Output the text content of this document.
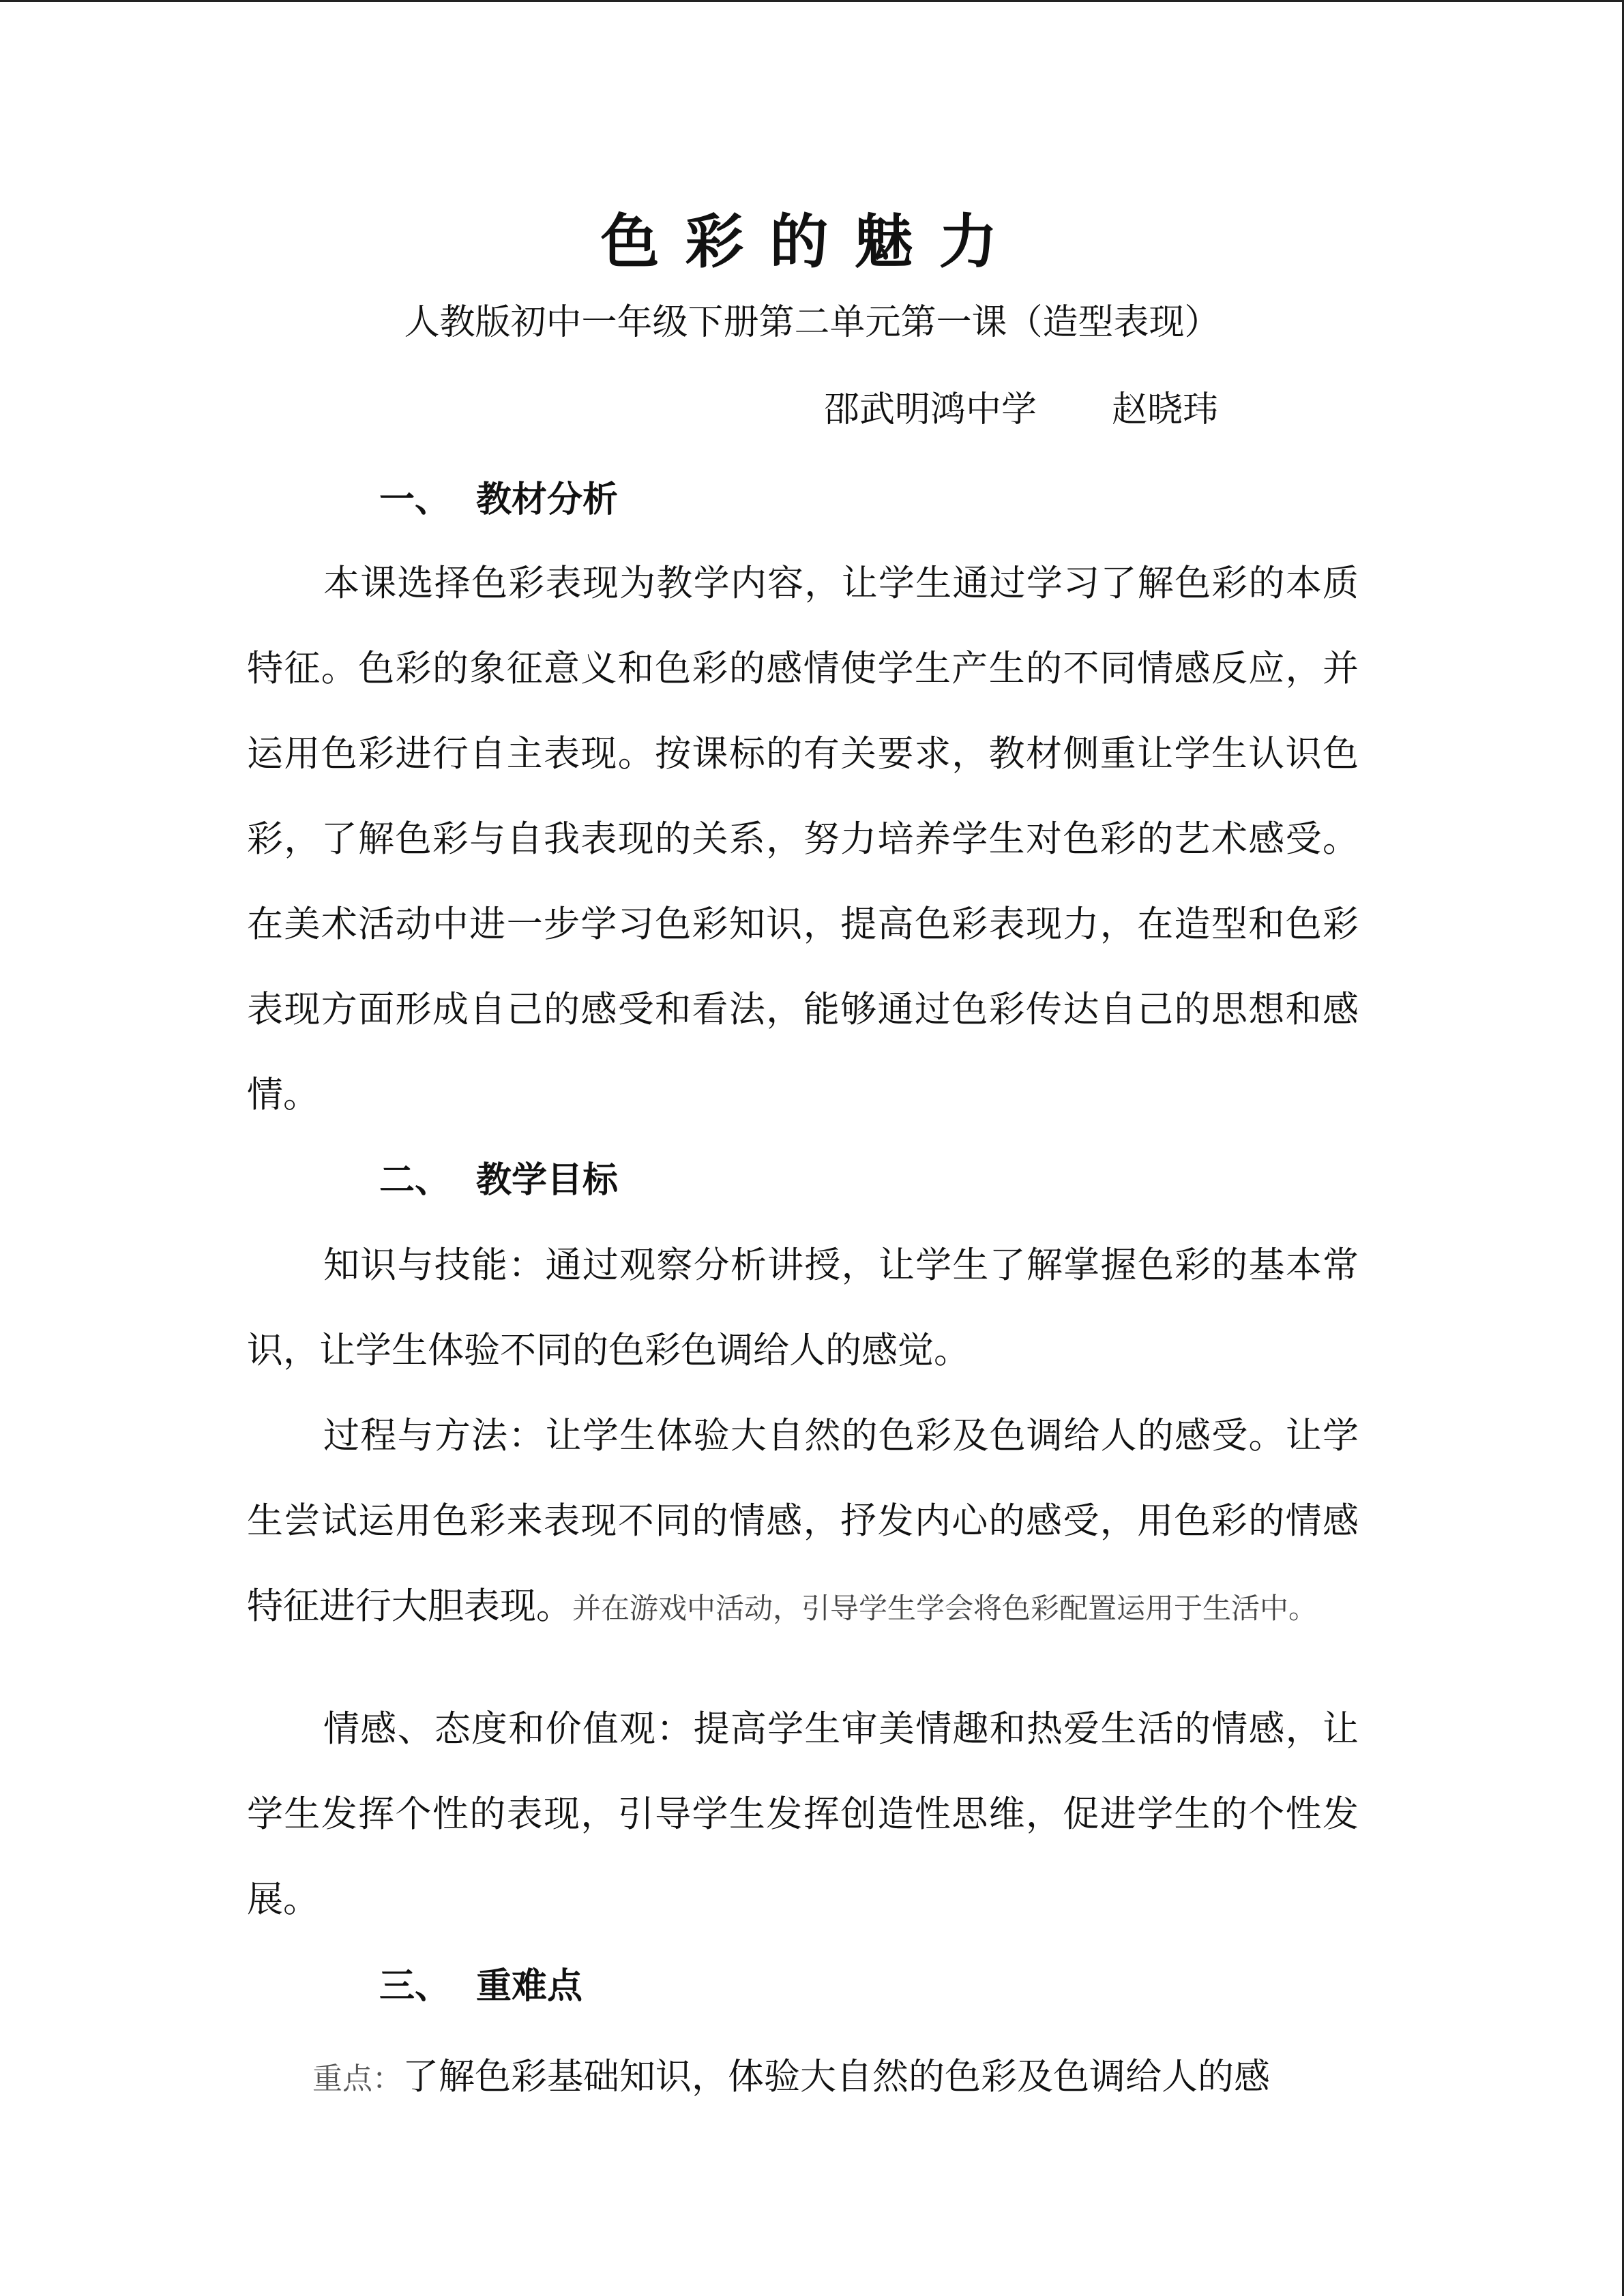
色彩的魅力
人教版初中一年级下册第二单元第一课（造型表现）
邵武明鸿中学 赵晓玮
一、 教材分析

本课选择色彩表现为教学内容，让学生通过学习了解色彩的本质特征。色彩的象征意义和色彩的感情使学生产生的不同情感反应，并运用色彩进行自主表现。按课标的有关要求，教材侧重让学生认识色彩，了解色彩与自我表现的关系，努力培养学生对色彩的艺术感受。在美术活动中进一步学习色彩知识，提高色彩表现力，在造型和色彩表现方面形成自己的感受和看法，能够通过色彩传达自己的思想和感情。

二、 教学目标

知识与技能：通过观察分析讲授，让学生了解掌握色彩的基本常识，让学生体验不同的色彩色调给人的感觉。

过程与方法：让学生体验大自然的色彩及色调给人的感受。让学生尝试运用色彩来表现不同的情感，抒发内心的感受，用色彩的情感特征进行大胆表现。并在游戏中活动，引导学生学会将色彩配置运用于生活中。

情感、态度和价值观：提高学生审美情趣和热爱生活的情感，让学生发挥个性的表现，引导学生发挥创造性思维，促进学生的个性发展。

三、 重难点

重点：了解色彩基础知识，体验大自然的色彩及色调给人的感
